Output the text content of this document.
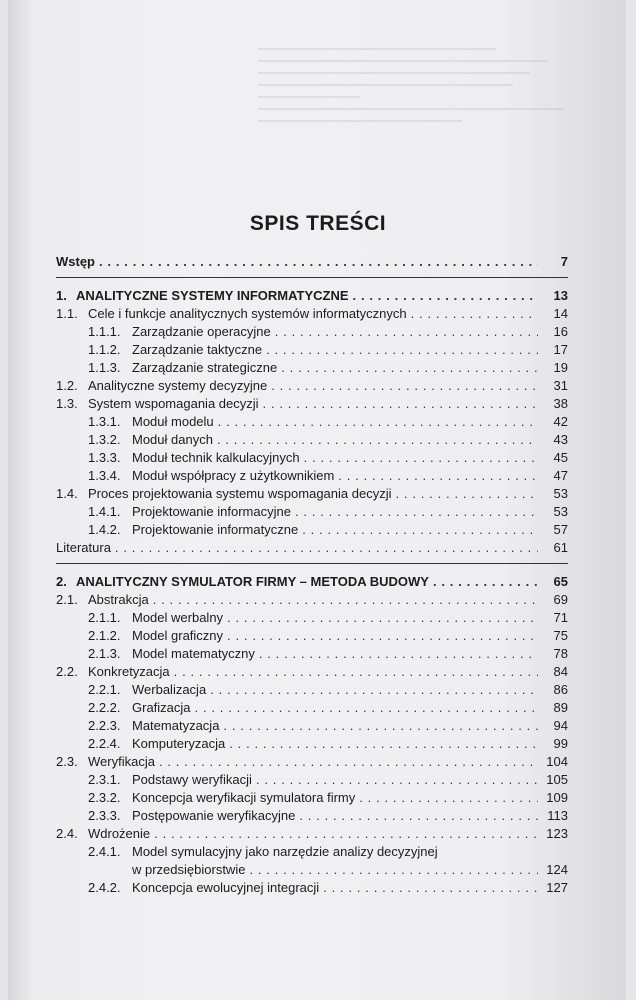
SPIS TREŚCI
Wstęp . . .	7
1. ANALITYCZNE SYSTEMY INFORMATYCZNE . . .	13
1.1. Cele i funkcje analitycznych systemów informatycznych . . .	14
1.1.1. Zarządzanie operacyjne . . .	16
1.1.2. Zarządzanie taktyczne . . .	17
1.1.3. Zarządzanie strategiczne . . .	19
1.2. Analityczne systemy decyzyjne . . .	31
1.3. System wspomagania decyzji . . .	38
1.3.1. Moduł modelu . . .	42
1.3.2. Moduł danych . . .	43
1.3.3. Moduł technik kalkulacyjnych . . .	45
1.3.4. Moduł współpracy z użytkownikiem . . .	47
1.4. Proces projektowania systemu wspomagania decyzji . . .	53
1.4.1. Projektowanie informacyjne . . .	53
1.4.2. Projektowanie informatyczne . . .	57
Literatura . . .	61
2. ANALITYCZNY SYMULATOR FIRMY – METODA BUDOWY . . .	65
2.1. Abstrakcja . . .	69
2.1.1. Model werbalny . . .	71
2.1.2. Model graficzny . . .	75
2.1.3. Model matematyczny . . .	78
2.2. Konkretyzacja . . .	84
2.2.1. Werbalizacja . . .	86
2.2.2. Grafizacja . . .	89
2.2.3. Matematyzacja . . .	94
2.2.4. Komputeryzacja . . .	99
2.3. Weryfikacja . . .	104
2.3.1. Podstawy weryfikacji . . .	105
2.3.2. Koncepcja weryfikacji symulatora firmy . . .	109
2.3.3. Postępowanie weryfikacyjne . . .	113
2.4. Wdrożenie . . .	123
2.4.1. Model symulacyjny jako narzędzie analizy decyzyjnej
w przedsiębiorstwie . . .	124
2.4.2. Koncepcja ewolucyjnej integracji . . .	127
